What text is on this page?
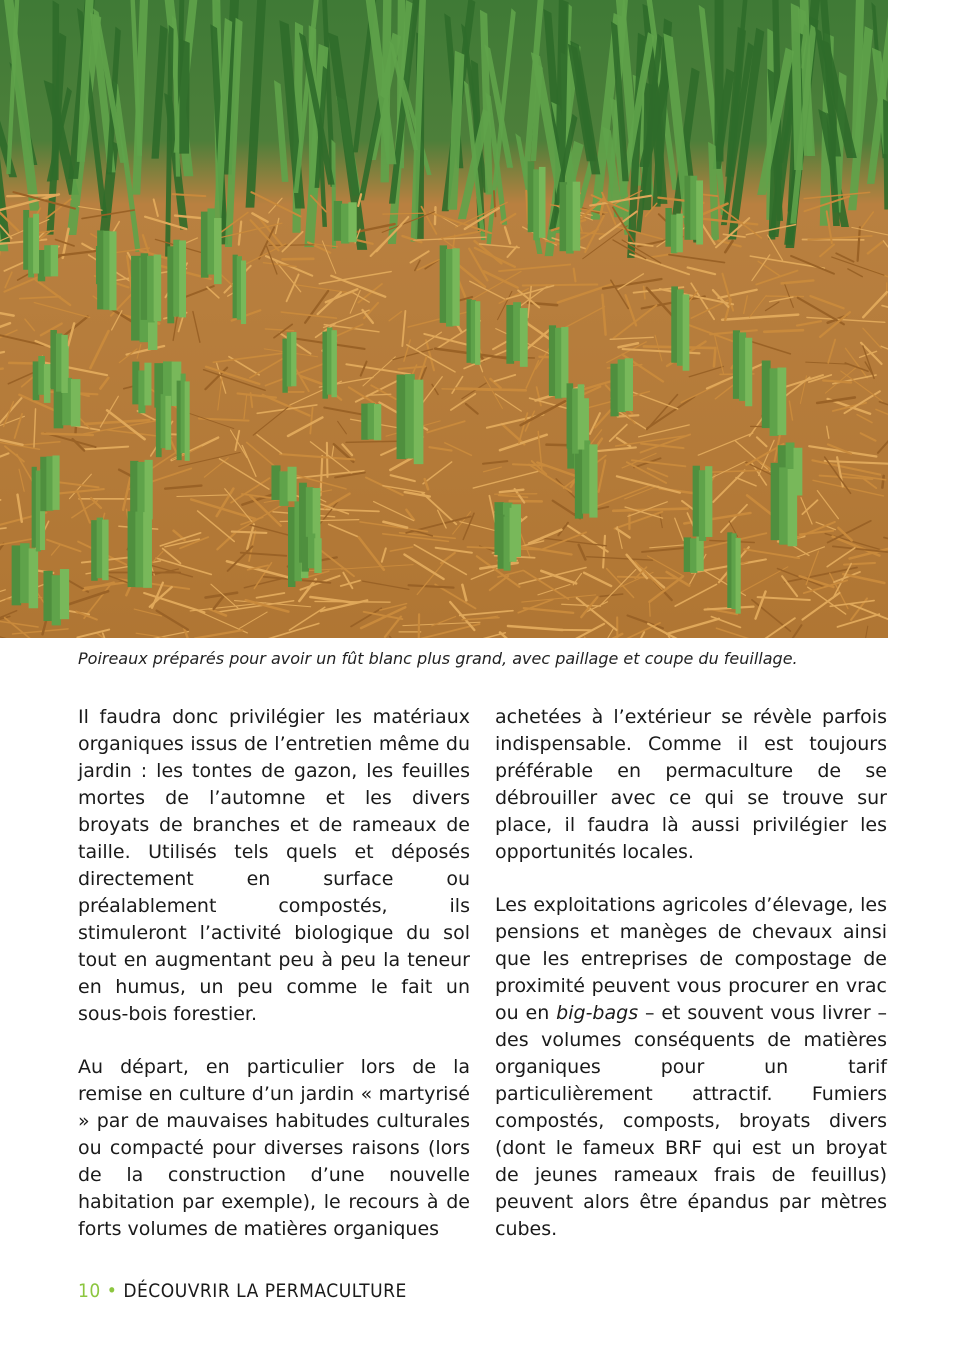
Poireaux préparés pour avoir un fût blanc plus grand, avec paillage et coupe du feuillage.

Il faudra donc privilégier les matériaux organiques issus de l’entretien même du jardin : les tontes de gazon, les feuilles mortes de l’automne et les divers broyats de branches et de rameaux de taille. Utilisés tels quels et déposés directement en surface ou préalablement compostés, ils stimuleront l’activité biologique du sol tout en augmentant peu à peu la teneur en humus, un peu comme le fait un sous-bois forestier.

Au départ, en particulier lors de la remise en culture d’un jardin « martyrisé » par de mauvaises habitudes culturales ou compacté pour diverses raisons (lors de la construction d’une nouvelle habitation par exemple), le recours à de forts volumes de matières organiques

achetées à l’extérieur se révèle parfois indispensable. Comme il est toujours préférable en permaculture de se débrouiller avec ce qui se trouve sur place, il faudra là aussi privilégier les opportunités locales.

Les exploitations agricoles d’élevage, les pensions et manèges de chevaux ainsi que les entreprises de compostage de proximité peuvent vous procurer en vrac ou en big-bags – et souvent vous livrer – des volumes conséquents de matières organiques pour un tarif particulièrement attractif. Fumiers compostés, composts, broyats divers (dont le fameux BRF qui est un broyat de jeunes rameaux frais de feuillus) peuvent alors être épandus par mètres cubes.

10 • DÉCOUVRIR LA PERMACULTURE
